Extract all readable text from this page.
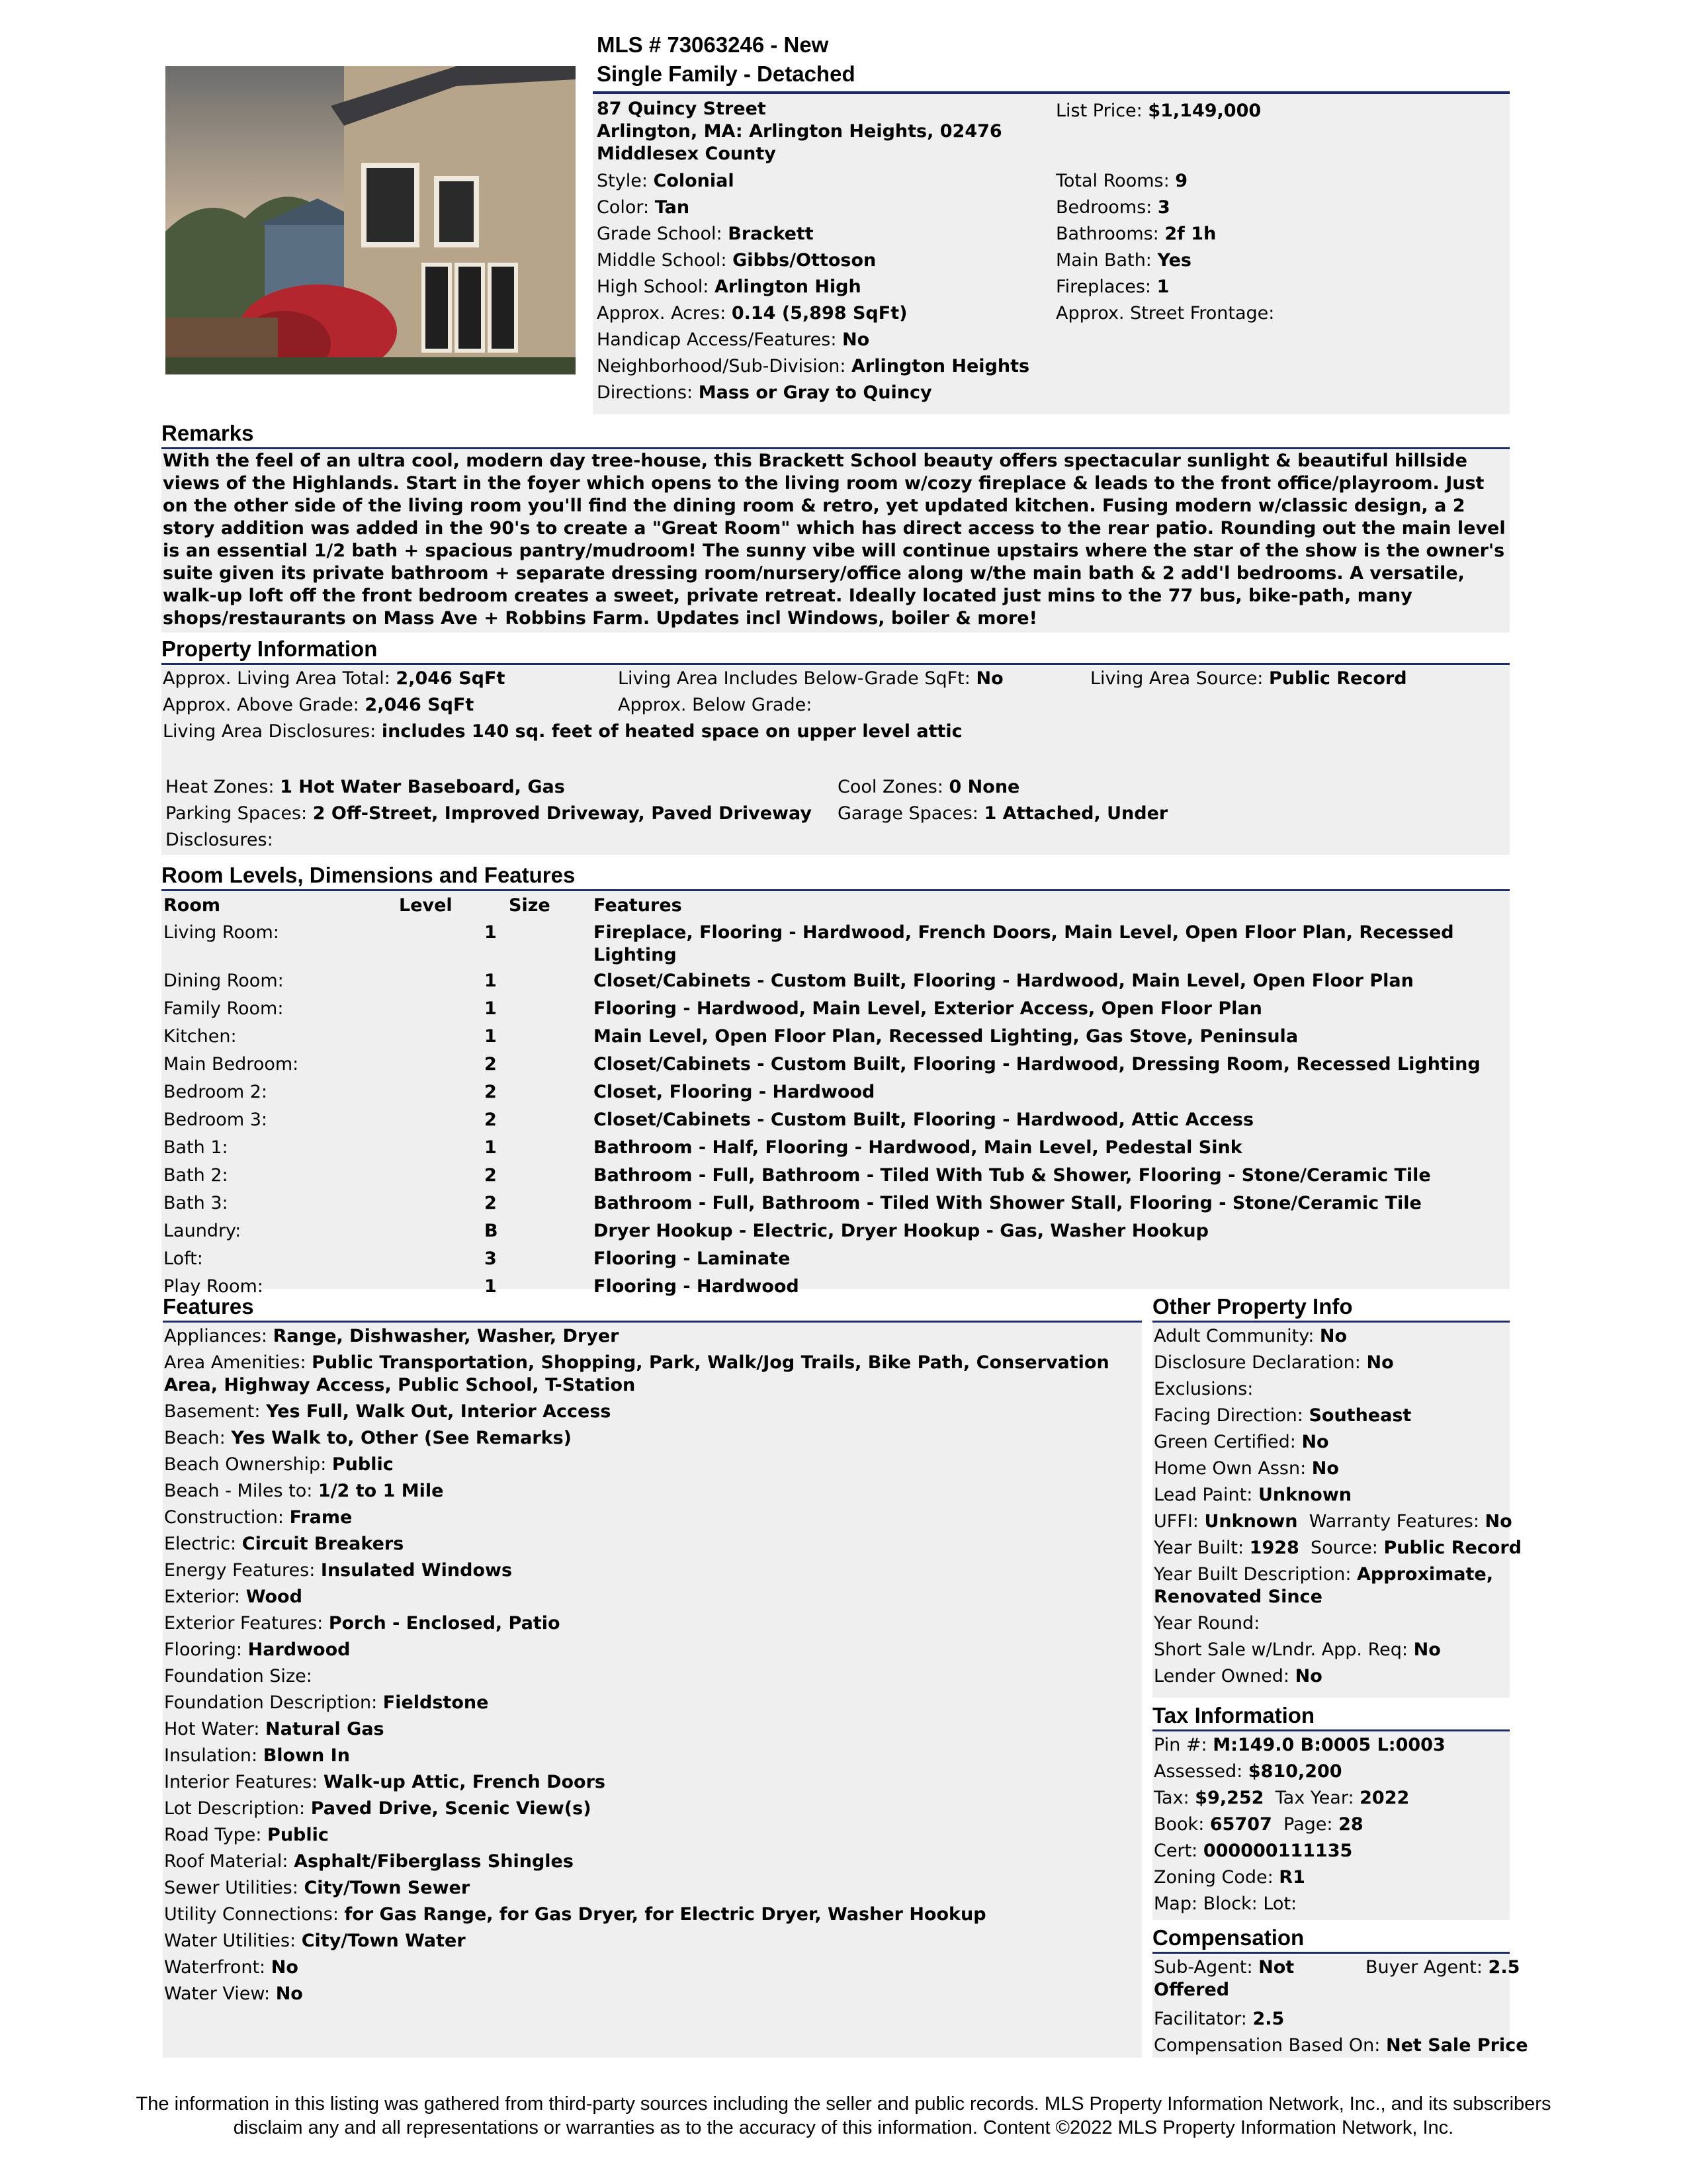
MLS # 73063246 - New
Single Family - Detached
87 Quincy Street
Arlington, MA: Arlington Heights, 02476
Middlesex County
List Price: $1,149,000
Style: Colonial
Color: Tan
Grade School: Brackett
Middle School: Gibbs/Ottoson
High School: Arlington High
Approx. Acres: 0.14 (5,898 SqFt)
Handicap Access/Features: No
Neighborhood/Sub-Division: Arlington Heights
Directions: Mass or Gray to Quincy
Total Rooms: 9
Bedrooms: 3
Bathrooms: 2f 1h
Main Bath: Yes
Fireplaces: 1
Approx. Street Frontage:
Remarks
With the feel of an ultra cool, modern day tree-house, this Brackett School beauty offers spectacular sunlight & beautiful hillside views of the Highlands. Start in the foyer which opens to the living room w/cozy fireplace & leads to the front office/playroom. Just on the other side of the living room you'll find the dining room & retro, yet updated kitchen. Fusing modern w/classic design, a 2 story addition was added in the 90's to create a "Great Room" which has direct access to the rear patio. Rounding out the main level is an essential 1/2 bath + spacious pantry/mudroom! The sunny vibe will continue upstairs where the star of the show is the owner's suite given its private bathroom + separate dressing room/nursery/office along w/the main bath & 2 add'l bedrooms. A versatile, walk-up loft off the front bedroom creates a sweet, private retreat. Ideally located just mins to the 77 bus, bike-path, many shops/restaurants on Mass Ave + Robbins Farm. Updates incl Windows, boiler & more!
Property Information
Approx. Living Area Total: 2,046 SqFt	Living Area Includes Below-Grade SqFt: No	Living Area Source: Public Record
Approx. Above Grade: 2,046 SqFt	Approx. Below Grade:
Living Area Disclosures: includes 140 sq. feet of heated space on upper level attic
Heat Zones: 1 Hot Water Baseboard, Gas	Cool Zones: 0 None
Parking Spaces: 2 Off-Street, Improved Driveway, Paved Driveway Garage Spaces: 1 Attached, Under
Disclosures:
Room Levels, Dimensions and Features
Room	Level	Size	Features
Living Room:	1		Fireplace, Flooring - Hardwood, French Doors, Main Level, Open Floor Plan, Recessed Lighting
Dining Room:	1		Closet/Cabinets - Custom Built, Flooring - Hardwood, Main Level, Open Floor Plan
Family Room:	1		Flooring - Hardwood, Main Level, Exterior Access, Open Floor Plan
Kitchen:	1		Main Level, Open Floor Plan, Recessed Lighting, Gas Stove, Peninsula
Main Bedroom:	2		Closet/Cabinets - Custom Built, Flooring - Hardwood, Dressing Room, Recessed Lighting
Bedroom 2:	2		Closet, Flooring - Hardwood
Bedroom 3:	2		Closet/Cabinets - Custom Built, Flooring - Hardwood, Attic Access
Bath 1:	1		Bathroom - Half, Flooring - Hardwood, Main Level, Pedestal Sink
Bath 2:	2		Bathroom - Full, Bathroom - Tiled With Tub & Shower, Flooring - Stone/Ceramic Tile
Bath 3:	2		Bathroom - Full, Bathroom - Tiled With Shower Stall, Flooring - Stone/Ceramic Tile
Laundry:	B		Dryer Hookup - Electric, Dryer Hookup - Gas, Washer Hookup
Loft:	3		Flooring - Laminate
Play Room:	1		Flooring - Hardwood
Features
Appliances: Range, Dishwasher, Washer, Dryer
Area Amenities: Public Transportation, Shopping, Park, Walk/Jog Trails, Bike Path, Conservation Area, Highway Access, Public School, T-Station
Basement: Yes Full, Walk Out, Interior Access
Beach: Yes Walk to, Other (See Remarks)
Beach Ownership: Public
Beach - Miles to: 1/2 to 1 Mile
Construction: Frame
Electric: Circuit Breakers
Energy Features: Insulated Windows
Exterior: Wood
Exterior Features: Porch - Enclosed, Patio
Flooring: Hardwood
Foundation Size:
Foundation Description: Fieldstone
Hot Water: Natural Gas
Insulation: Blown In
Interior Features: Walk-up Attic, French Doors
Lot Description: Paved Drive, Scenic View(s)
Road Type: Public
Roof Material: Asphalt/Fiberglass Shingles
Sewer Utilities: City/Town Sewer
Utility Connections: for Gas Range, for Gas Dryer, for Electric Dryer, Washer Hookup
Water Utilities: City/Town Water
Waterfront: No
Water View: No
Other Property Info
Adult Community: No
Disclosure Declaration: No
Exclusions:
Facing Direction: Southeast
Green Certified: No
Home Own Assn: No
Lead Paint: Unknown
UFFI: Unknown Warranty Features: No
Year Built: 1928 Source: Public Record
Year Built Description: Approximate, Renovated Since
Year Round:
Short Sale w/Lndr. App. Req: No
Lender Owned: No
Tax Information
Pin #: M:149.0 B:0005 L:0003
Assessed: $810,200
Tax: $9,252 Tax Year: 2022
Book: 65707 Page: 28
Cert: 000000111135
Zoning Code: R1
Map: Block: Lot:
Compensation
Sub-Agent: Not Offered
Buyer Agent: 2.5
Facilitator: 2.5
Compensation Based On: Net Sale Price
The information in this listing was gathered from third-party sources including the seller and public records. MLS Property Information Network, Inc., and its subscribers
disclaim any and all representations or warranties as to the accuracy of this information. Content ©2022 MLS Property Information Network, Inc.
